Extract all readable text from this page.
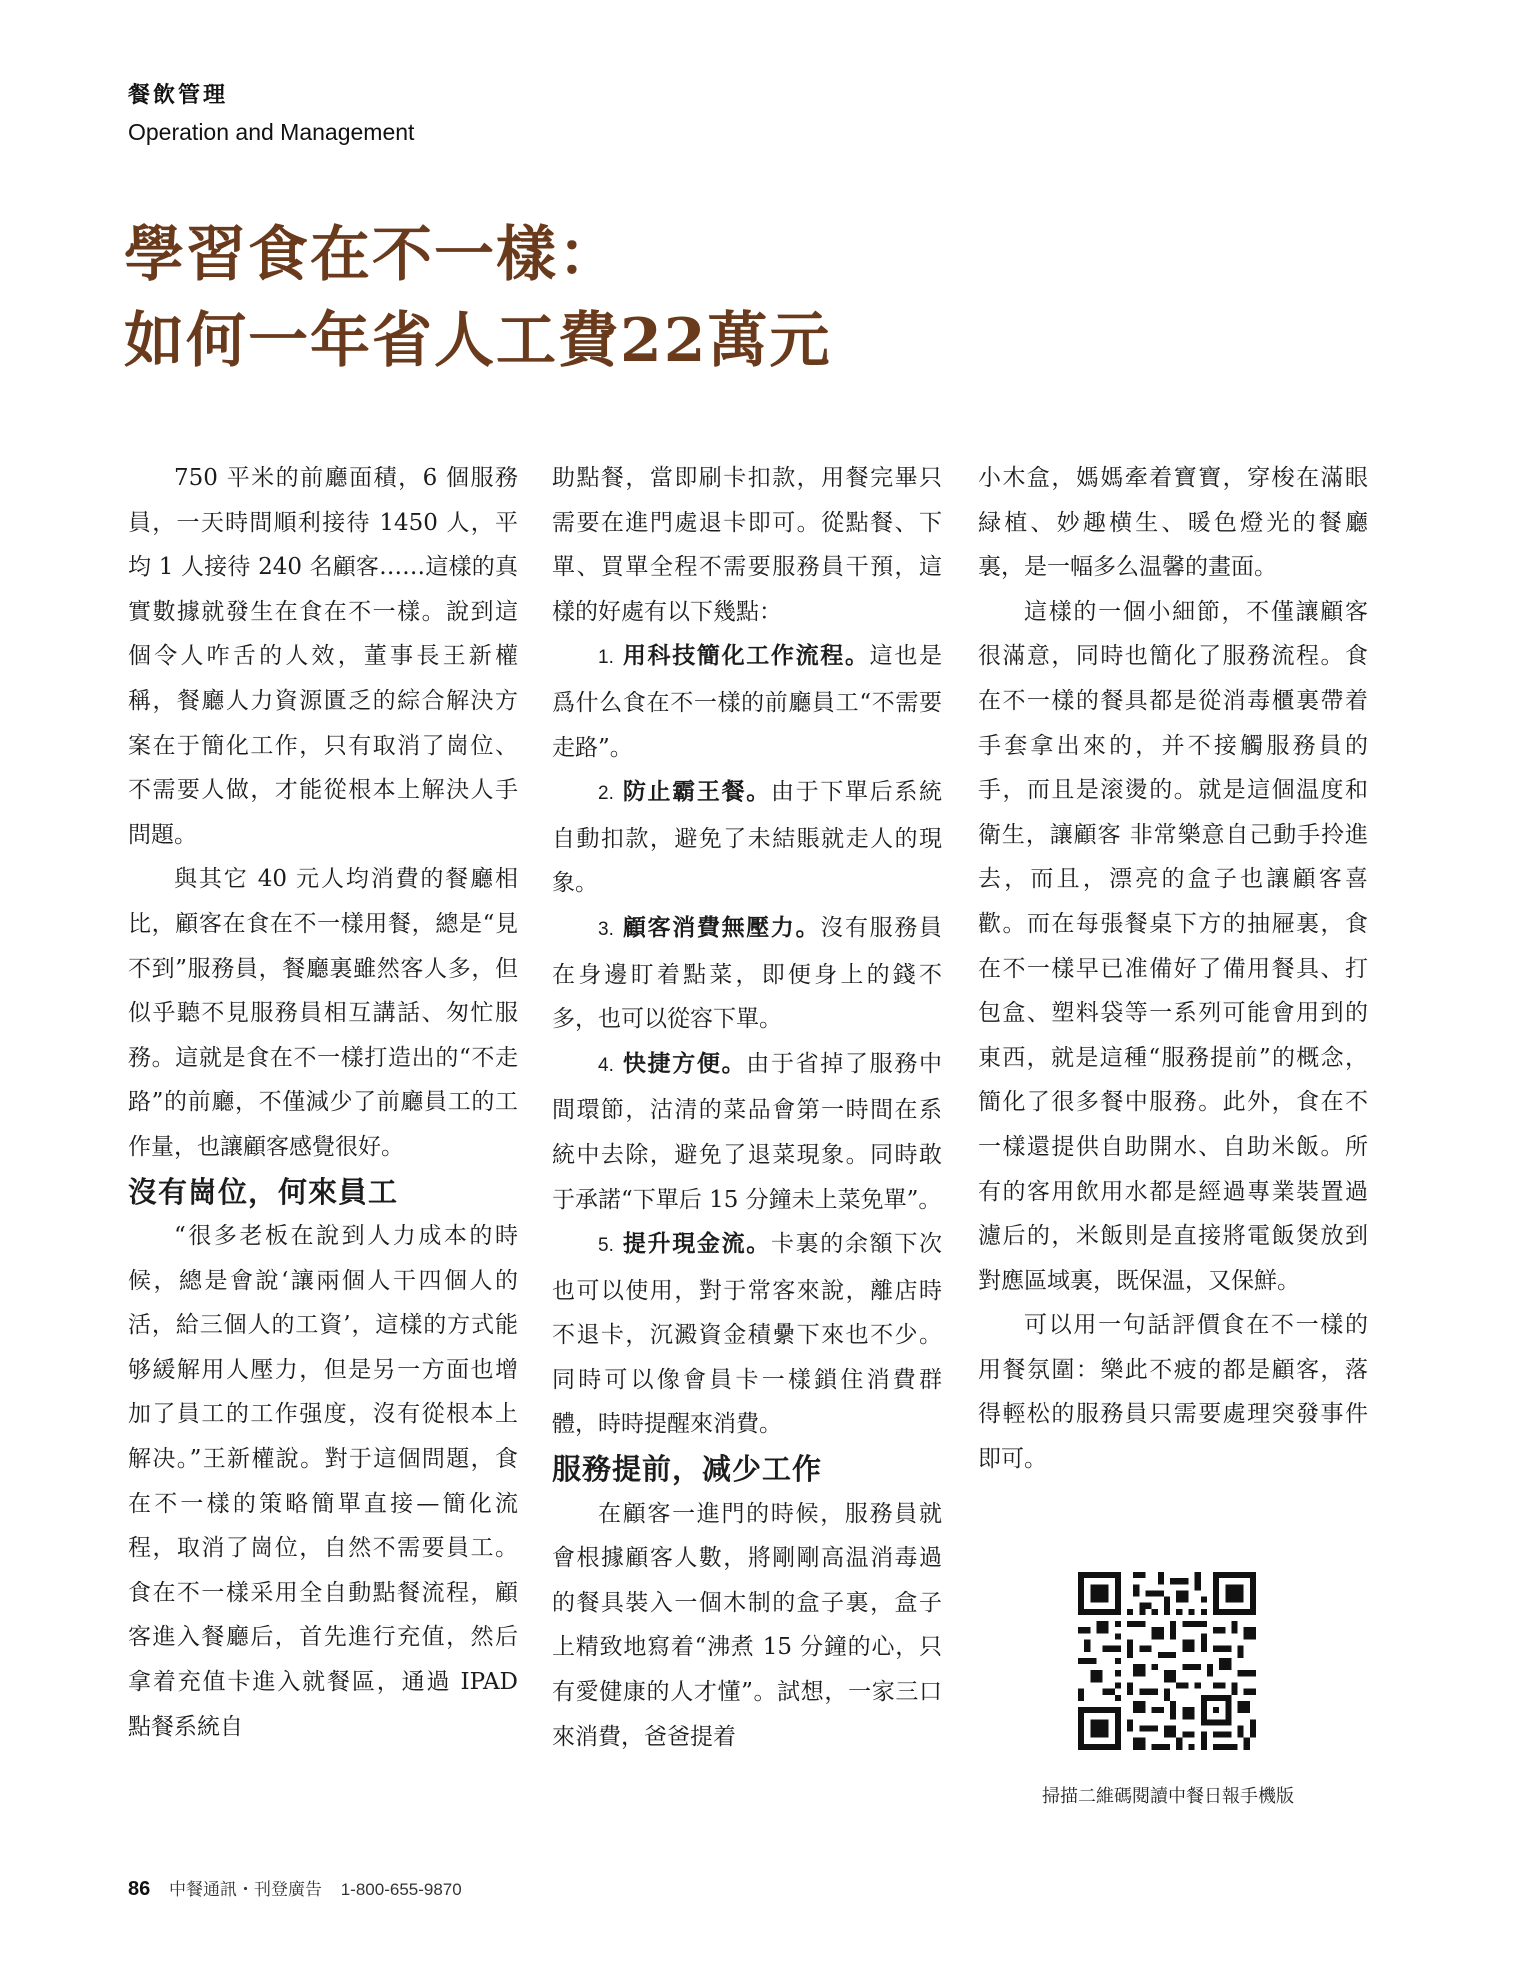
餐飲管理
Operation and Management
學習食在不一樣：
如何一年省人工費22萬元

750 平米的前廳面積，6 個服務員，一天時間順利接待 1450 人，平均 1 人接待 240 名顧客……這樣的真實數據就發生在食在不一樣。說到這個令人咋舌的人效，董事長王新權稱，餐廳人力資源匱乏的綜合解決方案在于簡化工作，只有取消了崗位、不需要人做，才能從根本上解決人手問題。

與其它 40 元人均消費的餐廳相比，顧客在食在不一樣用餐，總是“見不到”服務員，餐廳裏雖然客人多，但似乎聽不見服務員相互講話、匆忙服務。這就是食在不一樣打造出的“不走路”的前廳，不僅減少了前廳員工的工作量，也讓顧客感覺很好。

沒有崗位，何來員工

“很多老板在說到人力成本的時候，總是會說‘讓兩個人干四個人的活，給三個人的工資’，這樣的方式能够緩解用人壓力，但是另一方面也增加了員工的工作强度，沒有從根本上解决。”王新權說。對于這個問題，食在不一樣的策略簡單直接—簡化流程，取消了崗位，自然不需要員工。食在不一樣采用全自動點餐流程，顧客進入餐廳后，首先進行充值，然后拿着充值卡進入就餐區，通過 IPAD 點餐系統自

助點餐，當即刷卡扣款，用餐完畢只需要在進門處退卡即可。從點餐、下單、買單全程不需要服務員干預，這樣的好處有以下幾點：

1. 用科技簡化工作流程。這也是爲什么食在不一樣的前廳員工“不需要走路”。

2. 防止霸王餐。由于下單后系統自動扣款，避免了未結賬就走人的現象。

3. 顧客消費無壓力。沒有服務員在身邊盯着點菜，即便身上的錢不多，也可以從容下單。

4. 快捷方便。由于省掉了服務中間環節，沽清的菜品會第一時間在系統中去除，避免了退菜現象。同時敢于承諾“下單后 15 分鐘未上菜免單”。

5. 提升現金流。卡裏的余額下次也可以使用，對于常客來說，離店時不退卡，沉澱資金積纍下來也不少。同時可以像會員卡一樣鎖住消費群體，時時提醒來消費。

服務提前，减少工作

在顧客一進門的時候，服務員就會根據顧客人數，將剛剛高温消毒過的餐具裝入一個木制的盒子裏，盒子上精致地寫着“沸煮 15 分鐘的心，只有愛健康的人才懂”。試想，一家三口來消費，爸爸提着

小木盒，媽媽牽着寶寶，穿梭在滿眼緑植、妙趣横生、暖色燈光的餐廳裏，是一幅多么温馨的畫面。

這樣的一個小細節，不僅讓顧客很滿意，同時也簡化了服務流程。食在不一樣的餐具都是從消毒櫃裏帶着手套拿出來的，并不接觸服務員的手，而且是滚燙的。就是這個温度和衛生，讓顧客 非常樂意自己動手拎進去，而且，漂亮的盒子也讓顧客喜歡。而在每張餐桌下方的抽屜裏，食在不一樣早已准備好了備用餐具、打包盒、塑料袋等一系列可能會用到的東西，就是這種“服務提前”的概念，簡化了很多餐中服務。此外，食在不一樣還提供自助開水、自助米飯。所有的客用飲用水都是經過專業裝置過濾后的，米飯則是直接將電飯煲放到對應區域裏，既保温，又保鮮。

可以用一句話評價食在不一樣的用餐氛圍：樂此不疲的都是顧客，落得輕松的服務員只需要處理突發事件即可。

掃描二維碼閱讀中餐日報手機版
86 中餐通訊・刊登廣告 1-800-655-9870
